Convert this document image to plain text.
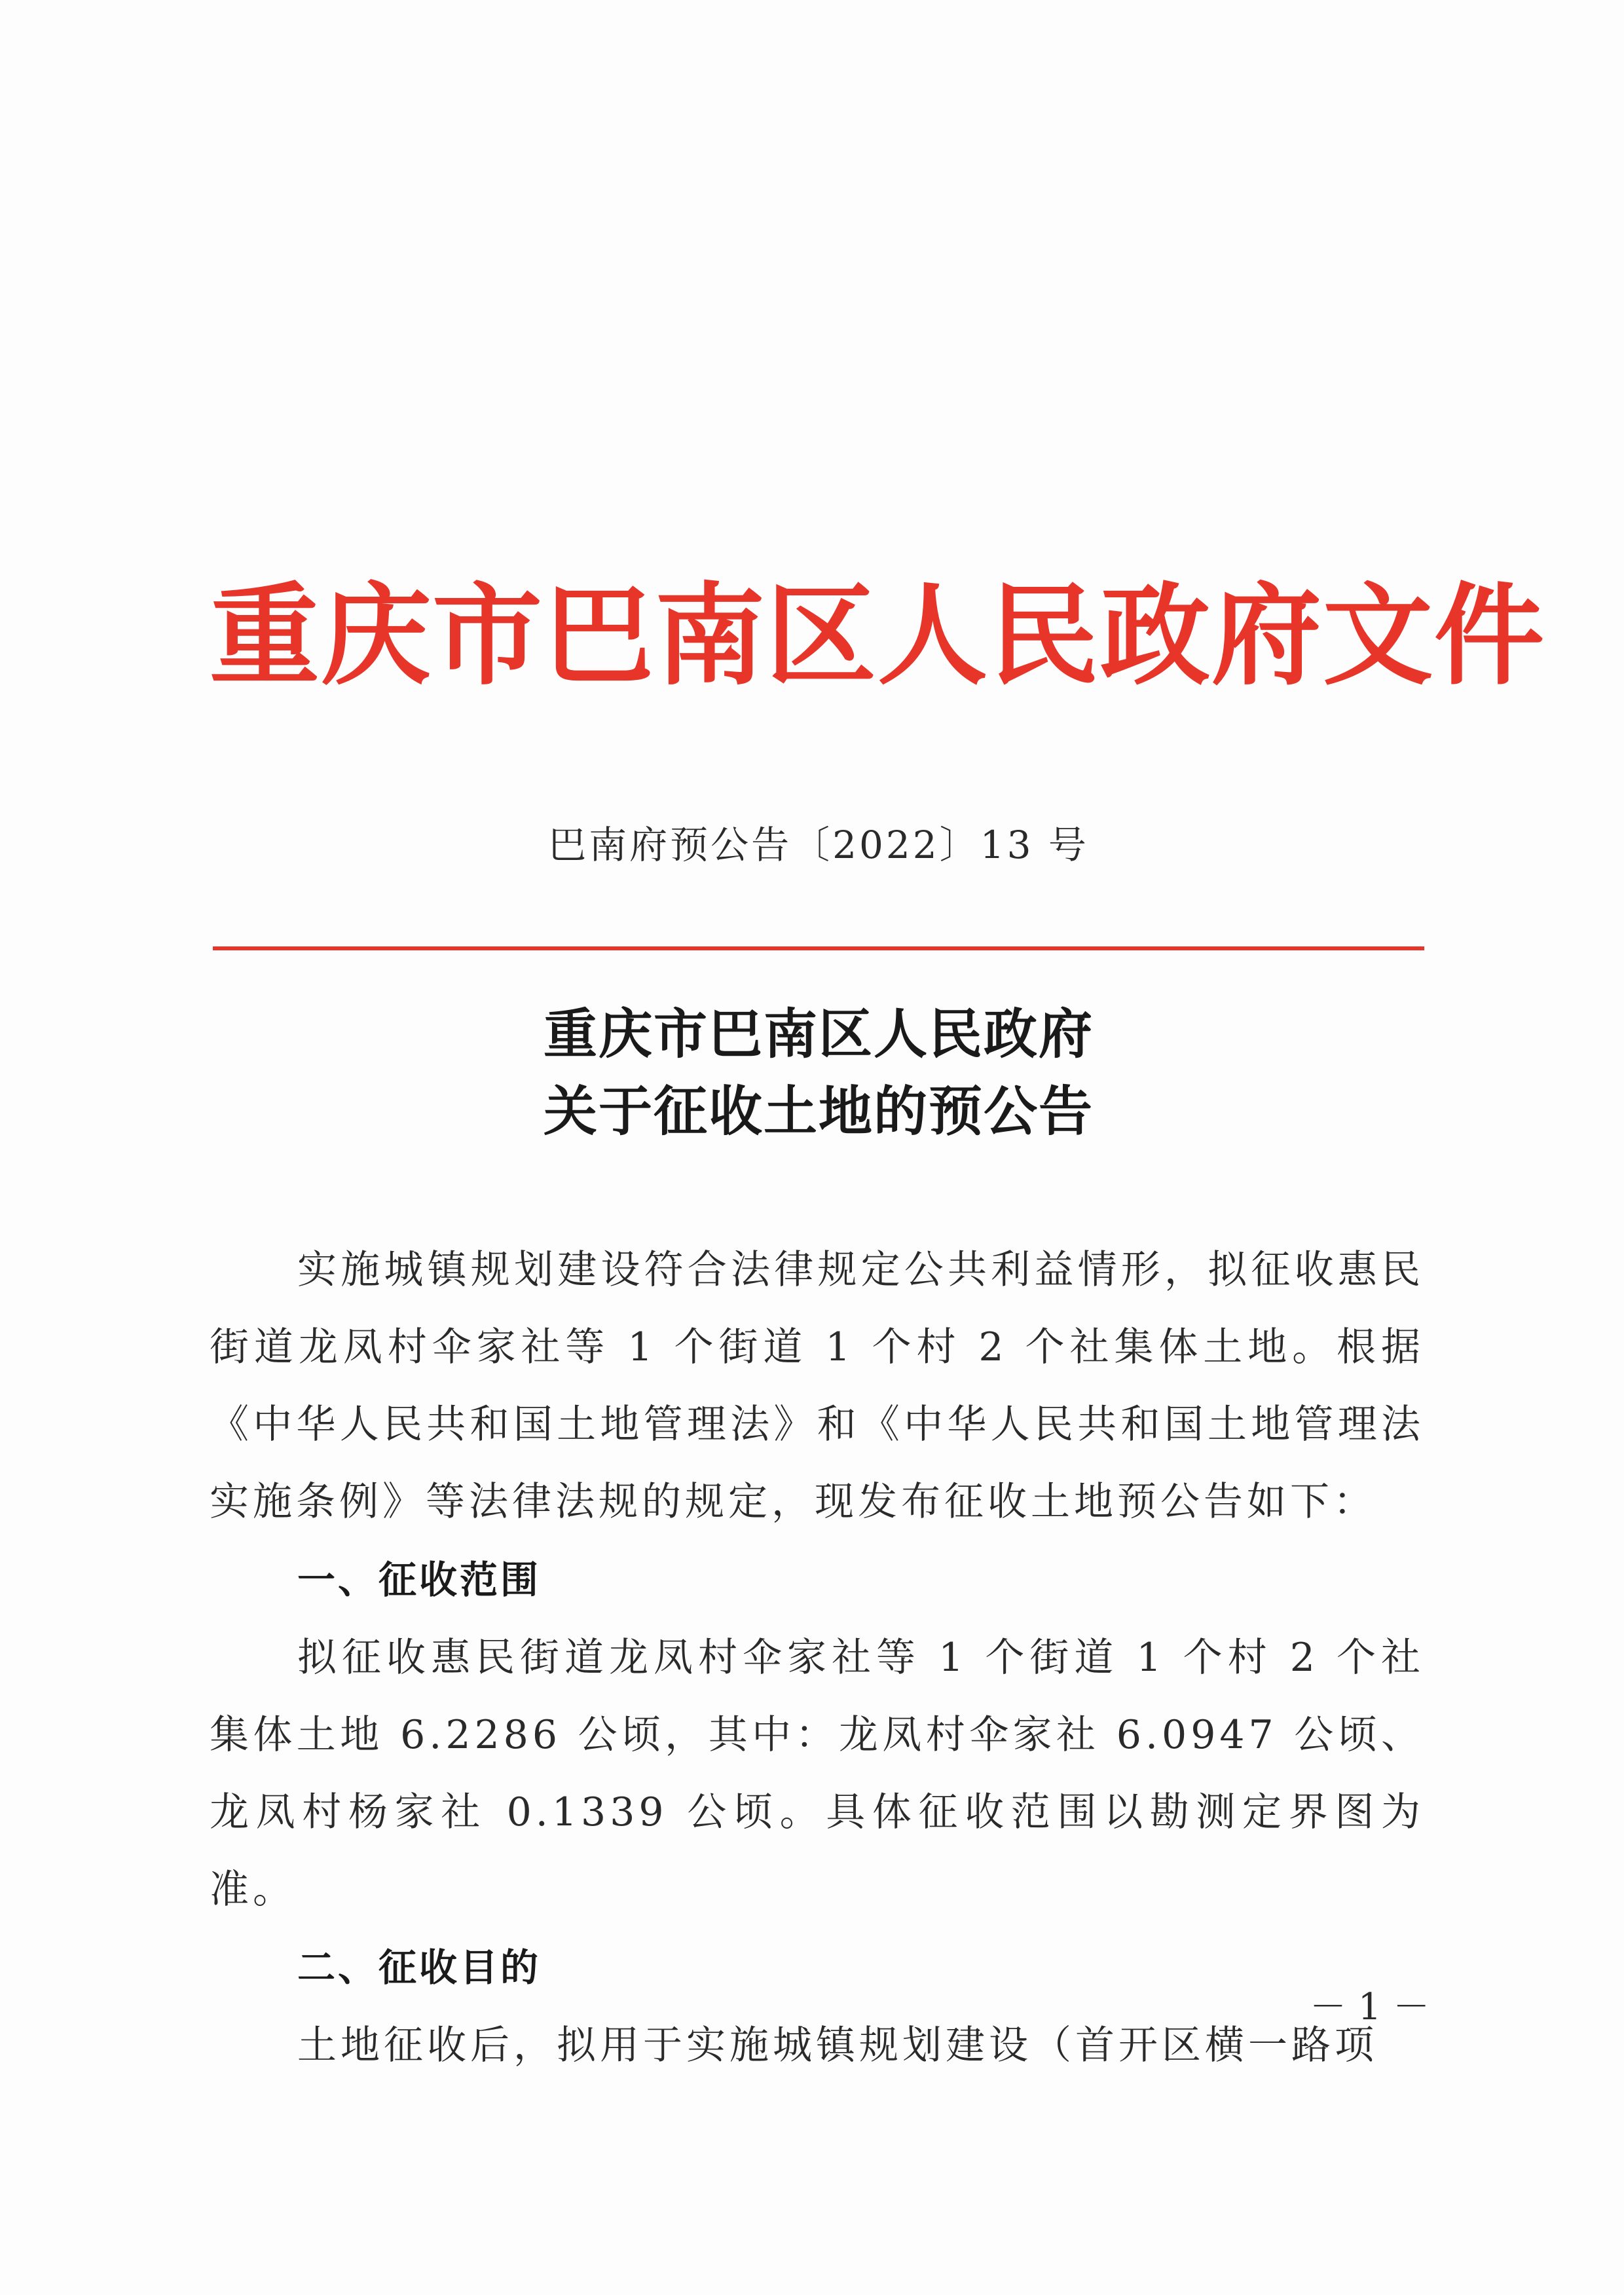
重庆市巴南区人民政府文件
巴南府预公告〔2022〕13 号
重庆市巴南区人民政府
关于征收土地的预公告

实施城镇规划建设符合法律规定公共利益情形，拟征收惠民街道龙凤村伞家社等 1 个街道 1 个村 2 个社集体土地。根据《中华人民共和国土地管理法》和《中华人民共和国土地管理法实施条例》等法律法规的规定，现发布征收土地预公告如下：

一、征收范围

拟征收惠民街道龙凤村伞家社等 1 个街道 1 个村 2 个社集体土地 6.2286 公顷，其中：龙凤村伞家社 6.0947 公顷、龙凤村杨家社 0.1339 公顷。具体征收范围以勘测定界图为准。

二、征收目的

土地征收后，拟用于实施城镇规划建设（首开区横一路项

－ 1 －
